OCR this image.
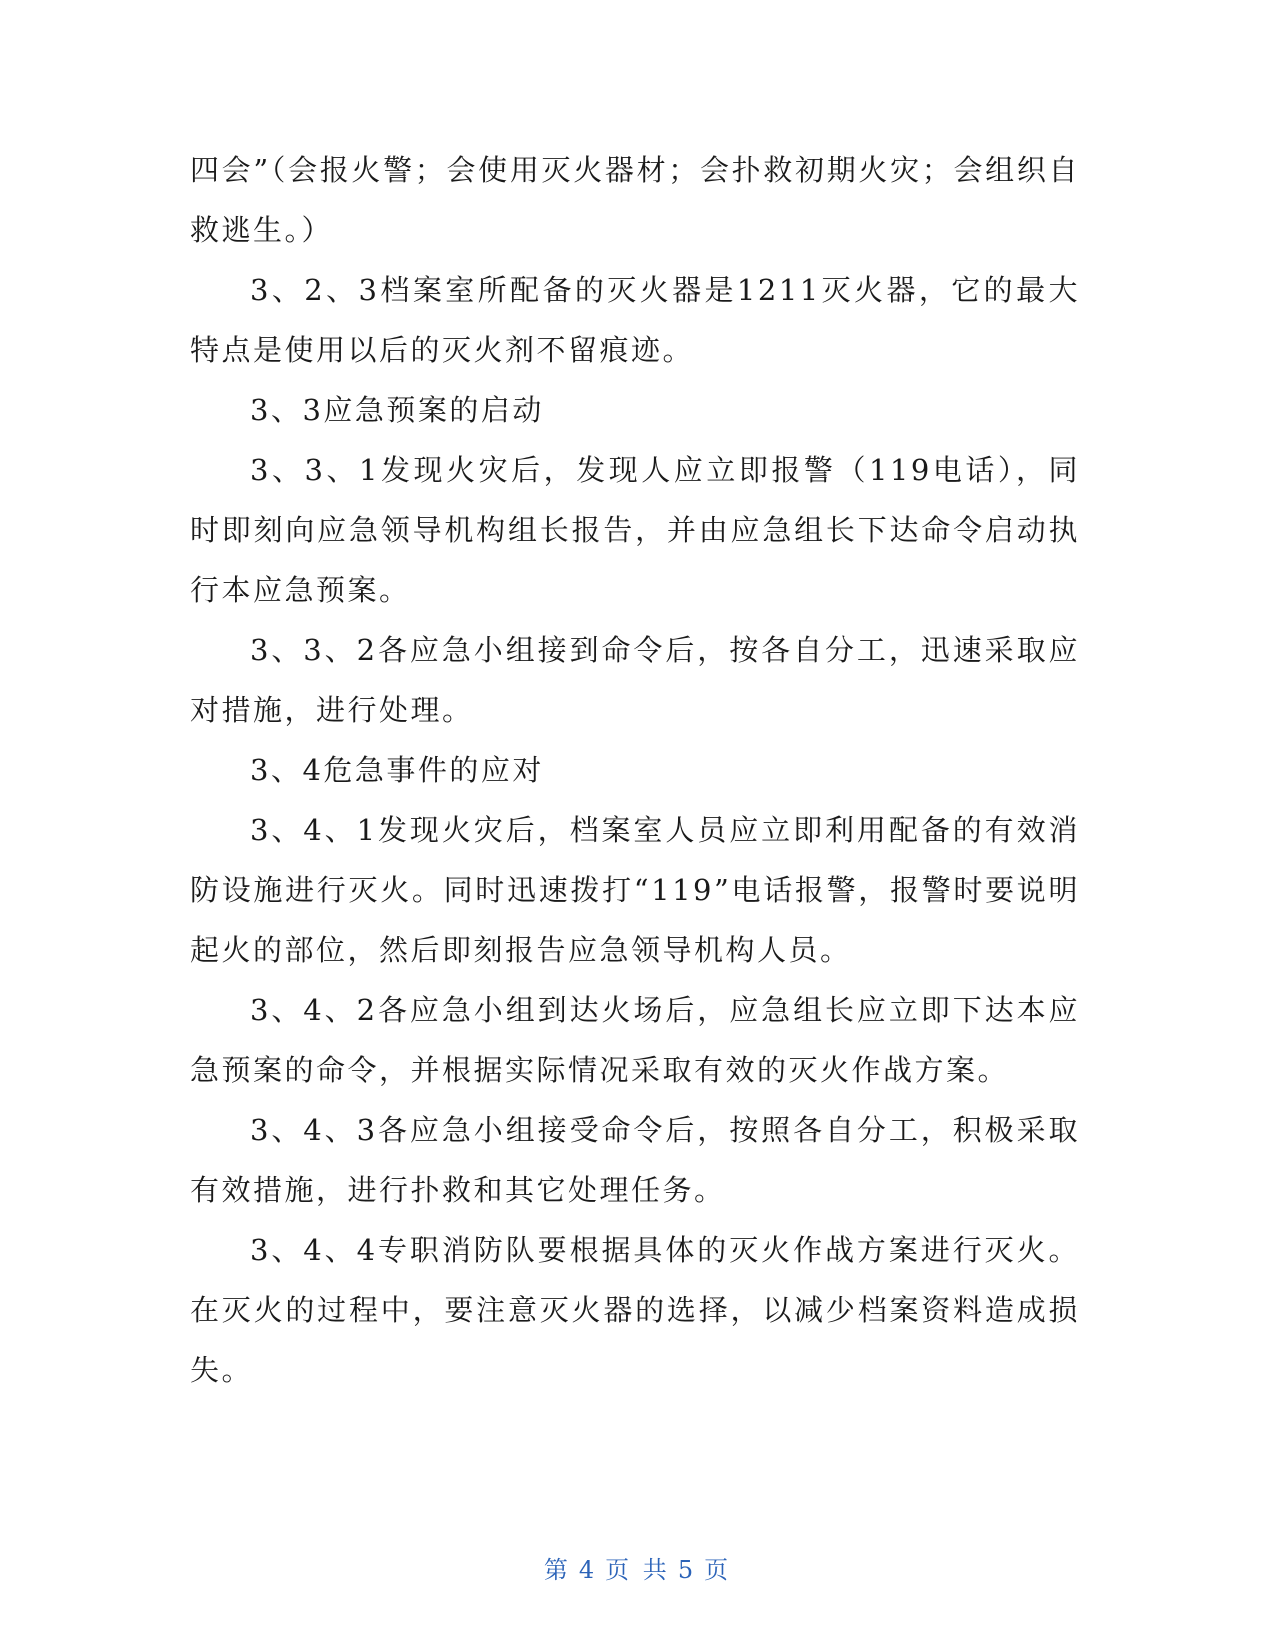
四会”（会报火警；会使用灭火器材；会扑救初期火灾；会组织自救逃生。）

3、2、3档案室所配备的灭火器是1211灭火器，它的最大特点是使用以后的灭火剂不留痕迹。

3、3应急预案的启动

3、3、1发现火灾后，发现人应立即报警（119电话），同时即刻向应急领导机构组长报告，并由应急组长下达命令启动执行本应急预案。

3、3、2各应急小组接到命令后，按各自分工，迅速采取应对措施，进行处理。

3、4危急事件的应对

3、4、1发现火灾后，档案室人员应立即利用配备的有效消防设施进行灭火。同时迅速拨打“119”电话报警，报警时要说明起火的部位，然后即刻报告应急领导机构人员。

3、4、2各应急小组到达火场后，应急组长应立即下达本应急预案的命令，并根据实际情况采取有效的灭火作战方案。

3、4、3各应急小组接受命令后，按照各自分工，积极采取有效措施，进行扑救和其它处理任务。

3、4、4专职消防队要根据具体的灭火作战方案进行灭火。在灭火的过程中，要注意灭火器的选择，以减少档案资料造成损失。

第 4 页 共 5 页
